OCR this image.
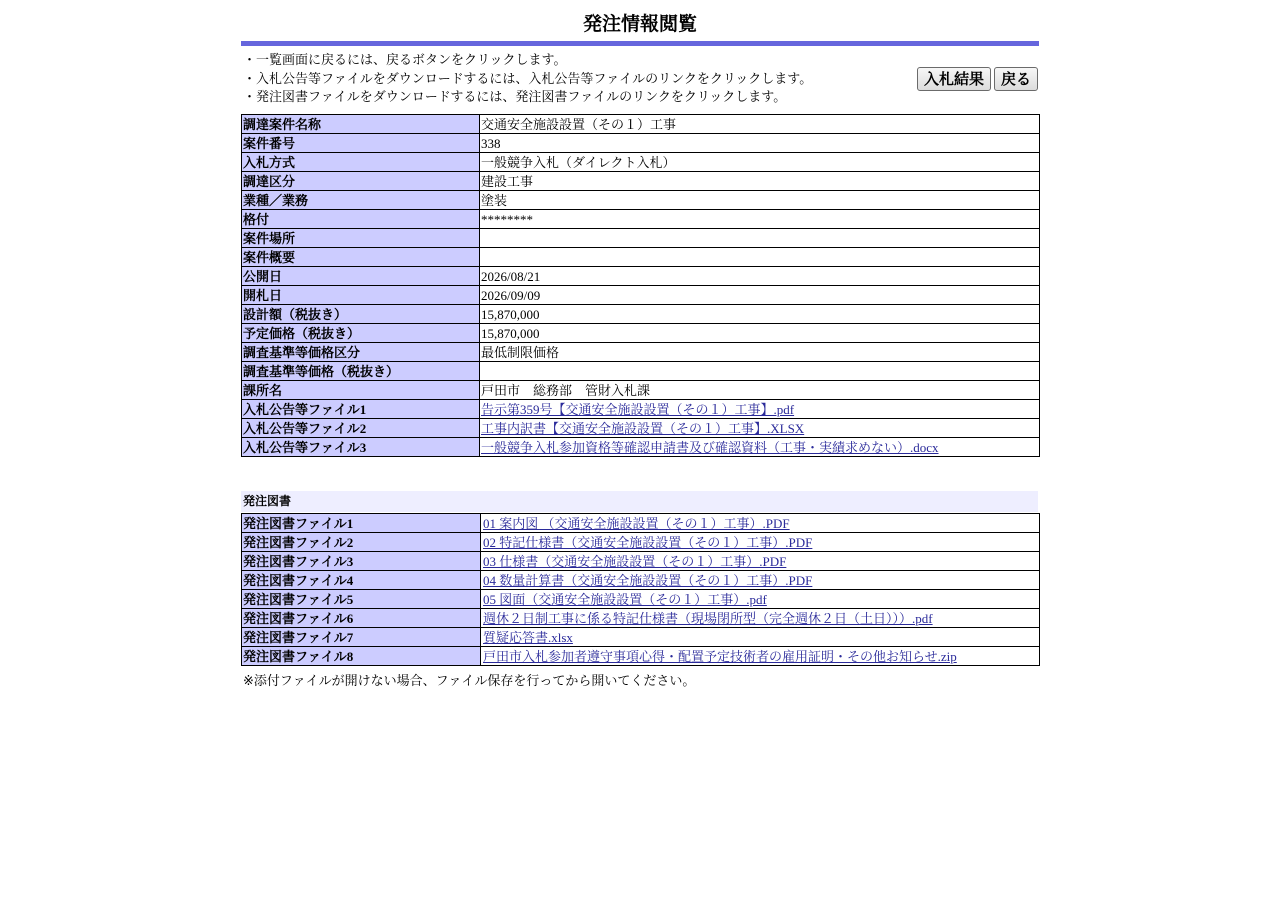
発注情報閲覧
・一覧画面に戻るには、戻るボタンをクリックします。
・入札公告等ファイルをダウンロードするには、入札公告等ファイルのリンクをクリックします。
・発注図書ファイルをダウンロードするには、発注図書ファイルのリンクをクリックします。
入札結果	戻る
調達案件名称	交通安全施設設置（その１）工事
案件番号	338
入札方式	一般競争入札（ダイレクト入札）
調達区分	建設工事
業種／業務	塗装
格付	********
案件場所	
案件概要	
公開日	2026/08/21
開札日	2026/09/09
設計額（税抜き）	15,870,000
予定価格（税抜き）	15,870,000
調査基準等価格区分	最低制限価格
調査基準等価格（税抜き）	
課所名	戸田市　総務部　管財入札課
入札公告等ファイル1	告示第359号【交通安全施設設置（その１）工事】.pdf
入札公告等ファイル2	工事内訳書【交通安全施設設置（その１）工事】.XLSX
入札公告等ファイル3	一般競争入札参加資格等確認申請書及び確認資料（工事・実績求めない）.docx
発注図書
発注図書ファイル1	01 案内図 （交通安全施設設置（その１）工事）.PDF
発注図書ファイル2	02 特記仕様書（交通安全施設設置（その１）工事）.PDF
発注図書ファイル3	03 仕様書（交通安全施設設置（その１）工事）.PDF
発注図書ファイル4	04 数量計算書（交通安全施設設置（その１）工事）.PDF
発注図書ファイル5	05 図面（交通安全施設設置（その１）工事）.pdf
発注図書ファイル6	週休２日制工事に係る特記仕様書（現場閉所型（完全週休２日（土日）））.pdf
発注図書ファイル7	質疑応答書.xlsx
発注図書ファイル8	戸田市入札参加者遵守事項心得・配置予定技術者の雇用証明・その他お知らせ.zip
※添付ファイルが開けない場合、ファイル保存を行ってから開いてください。
